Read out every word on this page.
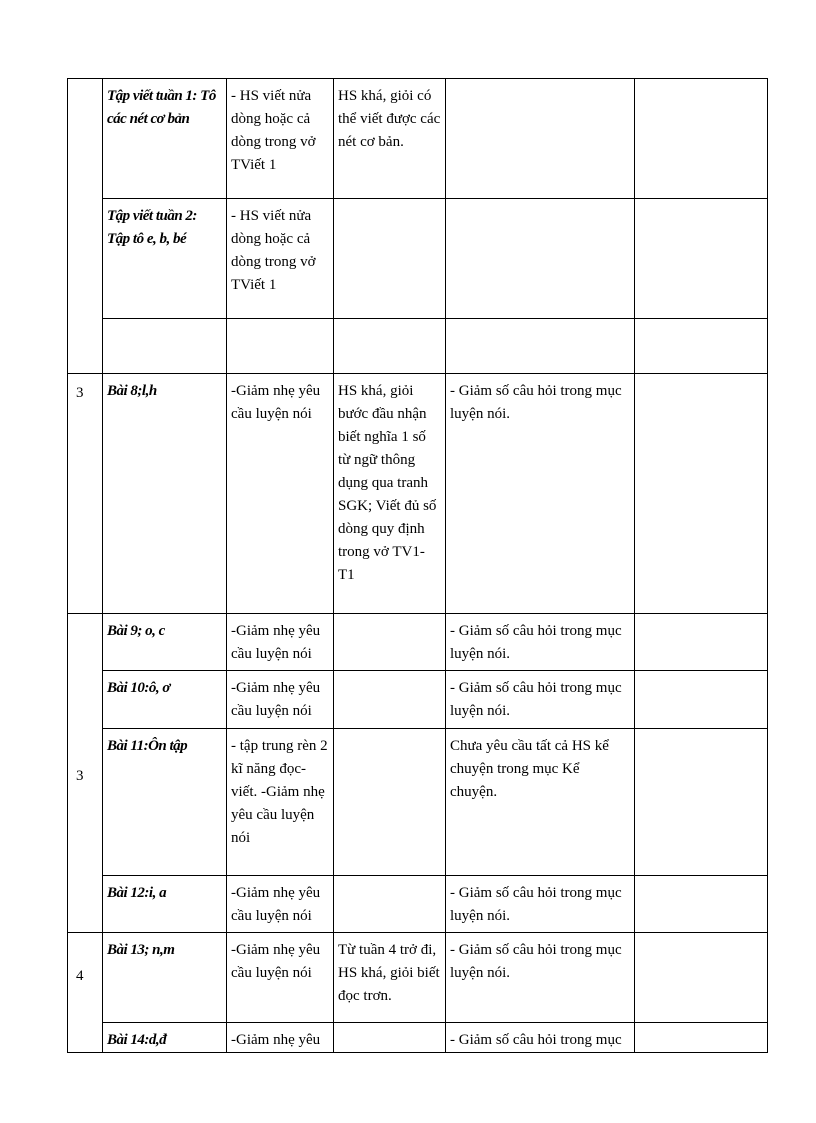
	Tập viết tuần 1: Tô các nét cơ bản	- HS viết nửa dòng hoặc cả dòng trong vở TViết 1	HS khá, giỏi có thể viết được các nét cơ bản.		
	Tập viết tuần 2: Tập tô e, b, bé	- HS viết nửa dòng hoặc cả dòng trong vở TViết 1			

3	Bài 8;l,h	-Giảm nhẹ yêu cầu luyện nói	HS khá, giỏi bước đầu nhận biết nghĩa 1 số từ ngữ thông dụng qua tranh SGK; Viết đủ số dòng quy định trong vở TV1-T1	- Giảm số câu hỏi trong mục luyện nói.	
3	Bài 9; o, c	-Giảm nhẹ yêu cầu luyện nói		- Giảm số câu hỏi trong mục luyện nói.	
	Bài 10:ô, ơ	-Giảm nhẹ yêu cầu luyện nói		- Giảm số câu hỏi trong mục luyện nói.	
	Bài 11:Ôn tập	- tập trung rèn 2 kĩ năng đọc-viết. -Giảm nhẹ yêu cầu luyện nói		Chưa yêu cầu tất cả HS kể chuyện trong mục Kể chuyện.	
	Bài 12:i, a	-Giảm nhẹ yêu cầu luyện nói		- Giảm số câu hỏi trong mục luyện nói.	
4	Bài 13; n,m	-Giảm nhẹ yêu cầu luyện nói	Từ tuần 4 trở đi, HS khá, giỏi biết đọc trơn.	- Giảm số câu hỏi trong mục luyện nói.	
	Bài 14:d,đ	-Giảm nhẹ yêu		- Giảm số câu hỏi trong mục	
